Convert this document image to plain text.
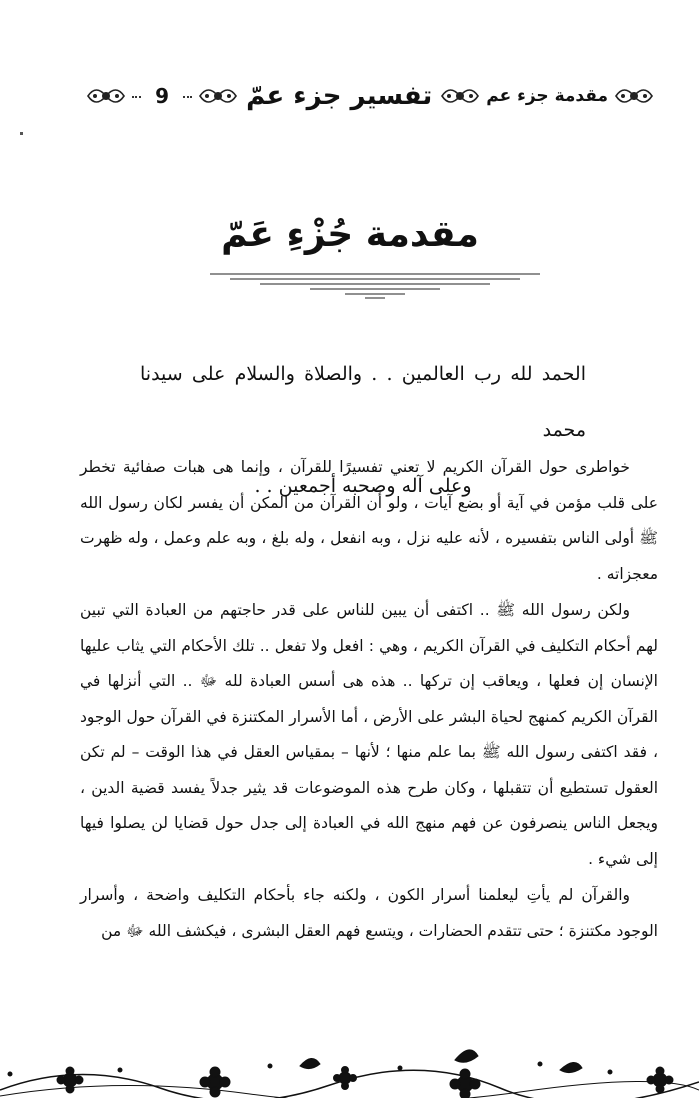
مقدمة جزء عم
تفسير جزء عمّ
9
مقدمة جُزْءِ عَمّ

الحمد لله رب العالمين . . والصلاة والسلام على سيدنا محمد

وعلى آله وصحبه أجمعين . .

خواطرى حول القرآن الكريم لا تعني تفسيرًا للقرآن ، وإنما هى هبات صفائية تخطر على قلب مؤمن في آية أو بضع آيات ، ولو أن القرآن من المكن أن يفسر لكان رسول الله ﷺ أولى الناس بتفسيره ، لأنه عليه نزل ، وبه انفعل ، وله بلغ ، وبه علم وعمل ، وله ظهرت معجزاته .

ولكن رسول الله ﷺ .. اكتفى أن يبين للناس على قدر حاجتهم من العبادة التي تبين لهم أحكام التكليف في القرآن الكريم ، وهي : افعل ولا تفعل .. تلك الأحكام التي يثاب عليها الإنسان إن فعلها ، ويعاقب إن تركها .. هذه هى أسس العبادة لله ﷻ .. التي أنزلها في القرآن الكريم كمنهج لحياة البشر على الأرض ، أما الأسرار المكتنزة في القرآن حول الوجود ، فقد اكتفى رسول الله ﷺ بما علم منها ؛ لأنها – بمقياس العقل في هذا الوقت – لم تكن العقول تستطيع أن تتقبلها ، وكان طرح هذه الموضوعات قد يثير جدلاً يفسد قضية الدين ، ويجعل الناس ينصرفون عن فهم منهج الله في العبادة إلى جدل حول قضايا لن يصلوا فيها إلى شيء .

والقرآن لم يأتِ ليعلمنا أسرار الكون ، ولكنه جاء بأحكام التكليف واضحة ، وأسرار الوجود مكتنزة ؛ حتى تتقدم الحضارات ، ويتسع فهم العقل البشرى ، فيكشف الله ﷻ من
